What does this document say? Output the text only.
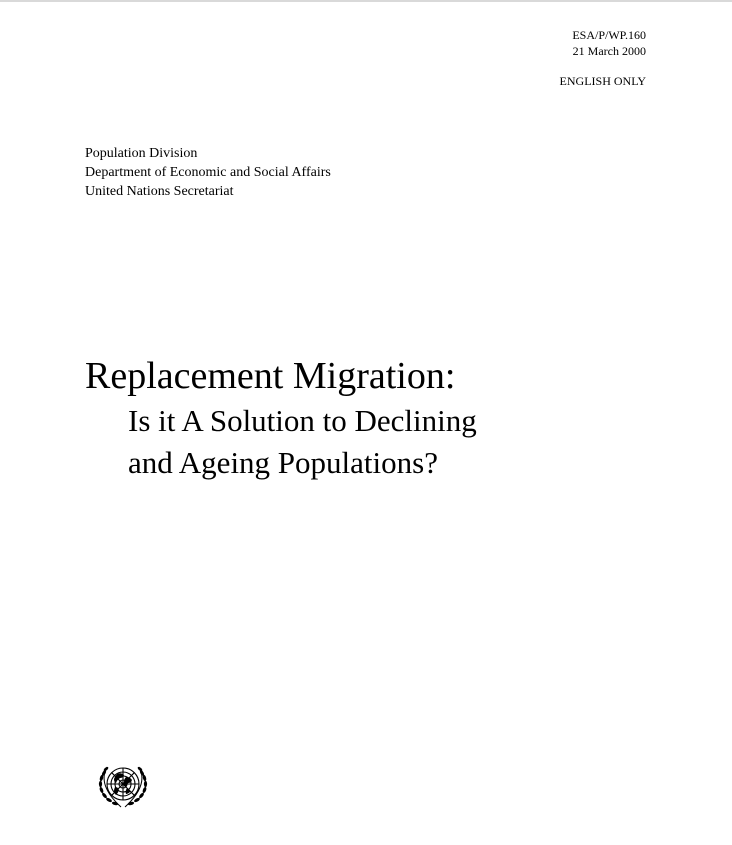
ESA/P/WP.160
21 March 2000
ENGLISH ONLY
Population Division
Department of Economic and Social Affairs
United Nations Secretariat
Replacement Migration:
Is it A Solution to Declining
and Ageing Populations?
